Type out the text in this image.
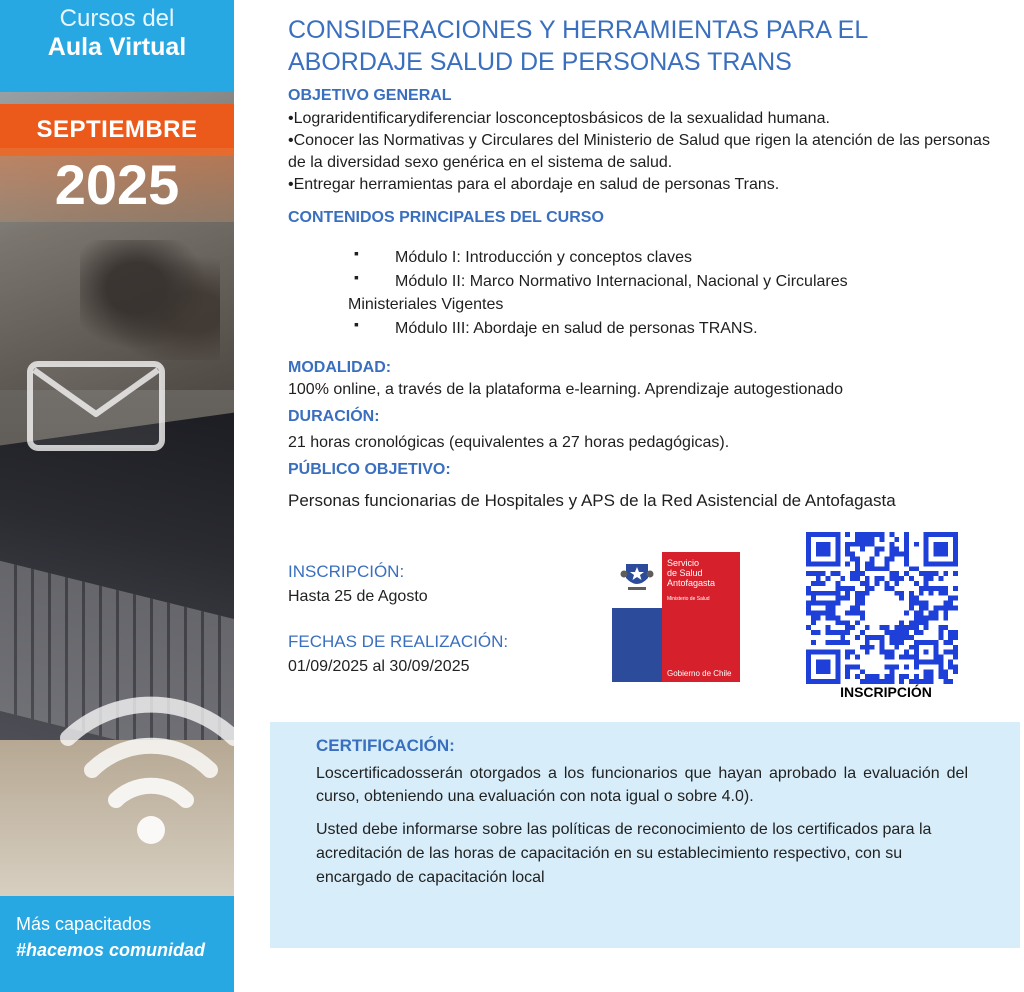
Cursos del
Aula Virtual
SEPTIEMBRE
2025
Más capacitados
#hacemos comunidad
CONSIDERACIONES Y HERRAMIENTAS PARA EL
ABORDAJE SALUD DE PERSONAS TRANS
OBJETIVO GENERAL
•Lograridentificarydiferenciar losconceptosbásicos de la sexualidad humana.
•Conocer las Normativas y Circulares del Ministerio de Salud que rigen la atención de las personas de la diversidad sexo genérica en el sistema de salud.
•Entregar herramientas para el abordaje en salud de personas Trans.
CONTENIDOS PRINCIPALES DEL CURSO
▪ Módulo I: Introducción y conceptos claves
▪ Módulo II: Marco Normativo Internacional, Nacional y Circulares
Ministeriales Vigentes
▪ Módulo III: Abordaje en salud de personas TRANS.
MODALIDAD:
100% online, a través de la plataforma e-learning. Aprendizaje autogestionado
DURACIÓN:
21 horas cronológicas (equivalentes a 27 horas pedagógicas).
PÚBLICO OBJETIVO:
Personas funcionarias de Hospitales y APS de la Red Asistencial de Antofagasta
INSCRIPCIÓN:
Hasta 25 de Agosto
FECHAS DE REALIZACIÓN:
01/09/2025 al 30/09/2025
Servicio
de Salud
Antofagasta
Ministerio de Salud
Gobierno de Chile
INSCRIPCIÓN
CERTIFICACIÓN:
Loscertificadosserán otorgados a los funcionarios que hayan aprobado la evaluación del curso, obteniendo una evaluación con nota igual o sobre 4.0).
Usted debe informarse sobre las políticas de reconocimiento de los certificados para la acreditación de las horas de capacitación en su establecimiento respectivo, con su encargado de capacitación local
